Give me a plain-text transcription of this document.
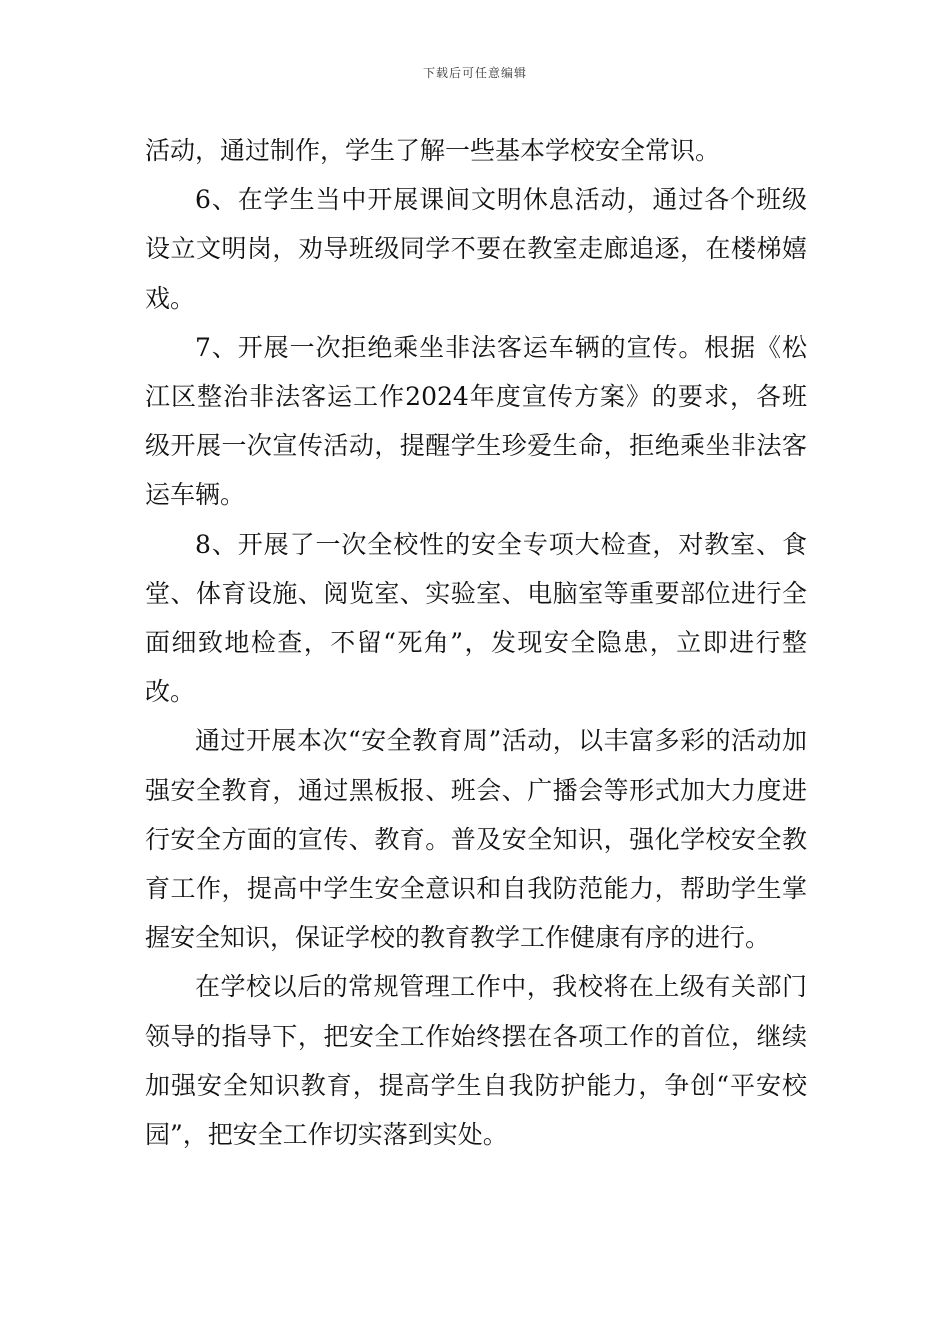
下载后可任意编辑

活动，通过制作，学生了解一些基本学校安全常识。

6、在学生当中开展课间文明休息活动，通过各个班级设立文明岗，劝导班级同学不要在教室走廊追逐，在楼梯嬉戏。

7、开展一次拒绝乘坐非法客运车辆的宣传。根据《松江区整治非法客运工作2024年度宣传方案》的要求，各班级开展一次宣传活动，提醒学生珍爱生命，拒绝乘坐非法客运车辆。

8、开展了一次全校性的安全专项大检查，对教室、食堂、体育设施、阅览室、实验室、电脑室等重要部位进行全面细致地检查，不留“死角”，发现安全隐患，立即进行整改。

通过开展本次“安全教育周”活动，以丰富多彩的活动加强安全教育，通过黑板报、班会、广播会等形式加大力度进行安全方面的宣传、教育。普及安全知识，强化学校安全教育工作，提高中学生安全意识和自我防范能力，帮助学生掌握安全知识，保证学校的教育教学工作健康有序的进行。

在学校以后的常规管理工作中，我校将在上级有关部门领导的指导下，把安全工作始终摆在各项工作的首位，继续加强安全知识教育，提高学生自我防护能力，争创“平安校园”，把安全工作切实落到实处。
